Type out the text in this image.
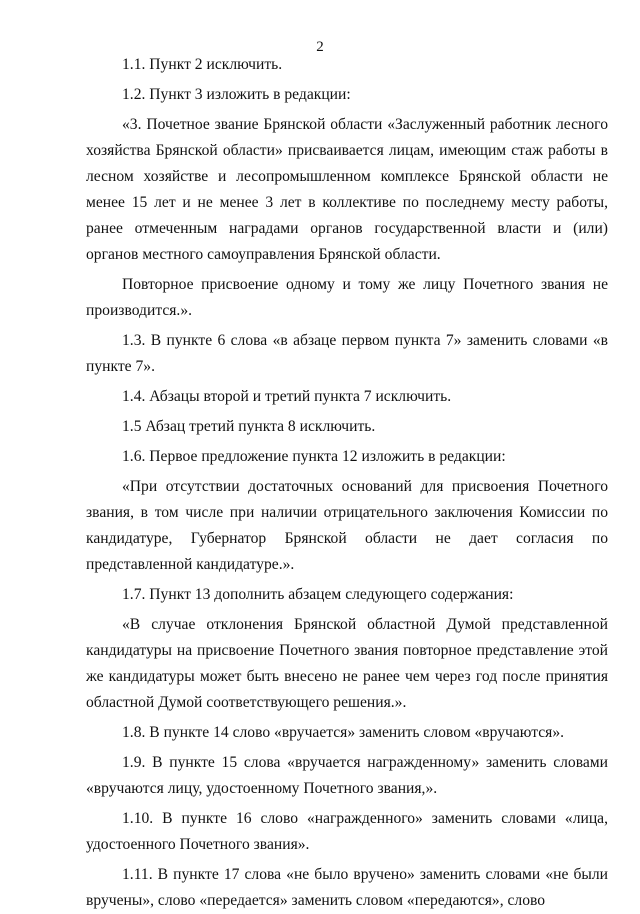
2

1.1. Пункт 2 исключить.

1.2. Пункт 3 изложить в редакции:

«3. Почетное звание Брянской области «Заслуженный работник лесного хозяйства Брянской области» присваивается лицам, имеющим стаж работы в лесном хозяйстве и лесопромышленном комплексе Брянской области не менее 15 лет и не менее 3 лет в коллективе по последнему месту работы, ранее отмеченным наградами органов государственной власти и (или) органов местного самоуправления Брянской области.

Повторное присвоение одному и тому же лицу Почетного звания не производится.».

1.3. В пункте 6 слова «в абзаце первом пункта 7» заменить словами «в пункте 7».

1.4. Абзацы второй и третий пункта 7 исключить.

1.5 Абзац третий пункта 8 исключить.

1.6. Первое предложение пункта 12 изложить в редакции:

«При отсутствии достаточных оснований для присвоения Почетного звания, в том числе при наличии отрицательного заключения Комиссии по кандидатуре, Губернатор Брянской области не дает согласия по представленной кандидатуре.».

1.7. Пункт 13 дополнить абзацем следующего содержания:

«В случае отклонения Брянской областной Думой представленной кандидатуры на присвоение Почетного звания повторное представление этой же кандидатуры может быть внесено не ранее чем через год после принятия областной Думой соответствующего решения.».

1.8. В пункте 14 слово «вручается» заменить словом «вручаются».

1.9. В пункте 15 слова «вручается награжденному» заменить словами «вручаются лицу, удостоенному Почетного звания,».

1.10. В пункте 16 слово «награжденного» заменить словами «лица, удостоенного Почетного звания».

1.11. В пункте 17 слова «не было вручено» заменить словами «не были вручены», слово «передается» заменить словом «передаются», слово
